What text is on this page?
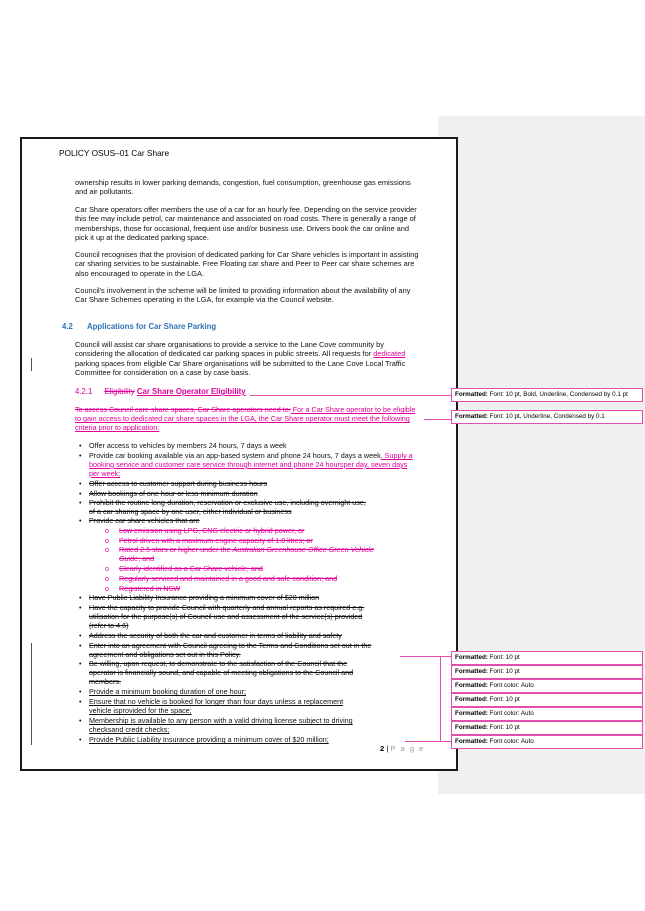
POLICY OSUS–01 Car Share

ownership results in lower parking demands, congestion, fuel consumption, greenhouse gas emissions and air pollutants.

Car Share operators offer members the use of a car for an hourly fee. Depending on the service provider this fee may include petrol, car maintenance and associated on road costs. There is generally a range of memberships, those for occasional, frequent use and/or business use. Drivers book the car online and pick it up at the dedicated parking space.

Council recognises that the provision of dedicated parking for Car Share vehicles is important in assisting car sharing services to be sustainable. Free Floating car share and Peer to Peer car share schemes are also encouraged to operate in the LGA.

Council's involvement in the scheme will be limited to providing information about the availability of any Car Share Schemes operating in the LGA, for example via the Council website.

4.2 Applications for Car Share Parking

Council will assist car share organisations to provide a service to the Lane Cove community by considering the allocation of dedicated car parking spaces in public streets. All requests for dedicated parking spaces from eligible Car Share organisations will be submitted to the Lane Cove Local Traffic Committee for consideration on a case by case basis.

4.2.1 Eligibility Car Share Operator Eligibility

To access Council care share spaces, Car Share operators need to: For a Car Share operator to be eligible to gain access to dedicated car share spaces in the LGA, the Car Share operator must meet the following criteria prior to application:

• Offer access to vehicles by members 24 hours, 7 days a week
• Provide car booking available via an app-based system and phone 24 hours, 7 days a week. Supply a booking service and customer care service through internet and phone 24 hoursper day, seven days per week;
• Offer access to customer support during business hours
• Allow bookings of one hour or less minimum duration
• Prohibit the routine long-duration, reservation or exclusive use, including overnight use,
of a car sharing space by one user, either individual or business
• Provide car share vehicles that are
o Low emission using LPG, CNG electric or hybrid power, or
o Petrol driven with a maximum engine capacity of 1.8 litres; or
o Rated 2.5 stars or higher under the Australian Greenhouse Office Green Vehicle
Guide; and
o Clearly identified as a Car Share vehicle; and
o Regularly serviced and maintained in a good and safe condition; and
o Registered in NSW
• Have Public Liability Insurance providing a minimum cover of $20 million
• Have the capacity to provide Council with quarterly and annual reports as required e.g.
utilisation for the purpose(s) of Council use and assessment of the service(s) provided
(refer to 4.6)
• Address the security of both the car and customer in terms of liability and safety
• Enter into an agreement with Council agreeing to the Terms and Conditions set out in the
agreement and obligations set out in this Policy.
• Be willing, upon request, to demonstrate to the satisfaction of the Council that the
operator is financially sound, and capable of meeting obligations to the Council and
members.
• Provide a minimum booking duration of one hour;
• Ensure that no vehicle is booked for longer than four days unless a replacement
vehicle isprovided for the space;
• Membership is available to any person with a valid driving license subject to driving
checksand credit checks;
• Provide Public Liability Insurance providing a minimum cover of $20 million;
2 | P a g e
Formatted: Font: 10 pt, Bold, Underline, Condensed by 0.1 pt
Formatted: Font: 10 pt, Underline, Condensed by 0.1
Formatted: Font: 10 pt
Formatted: Font: 10 pt
Formatted: Font color: Auto
Formatted: Font: 10 pt
Formatted: Font color: Auto
Formatted: Font: 10 pt
Formatted: Font color: Auto
